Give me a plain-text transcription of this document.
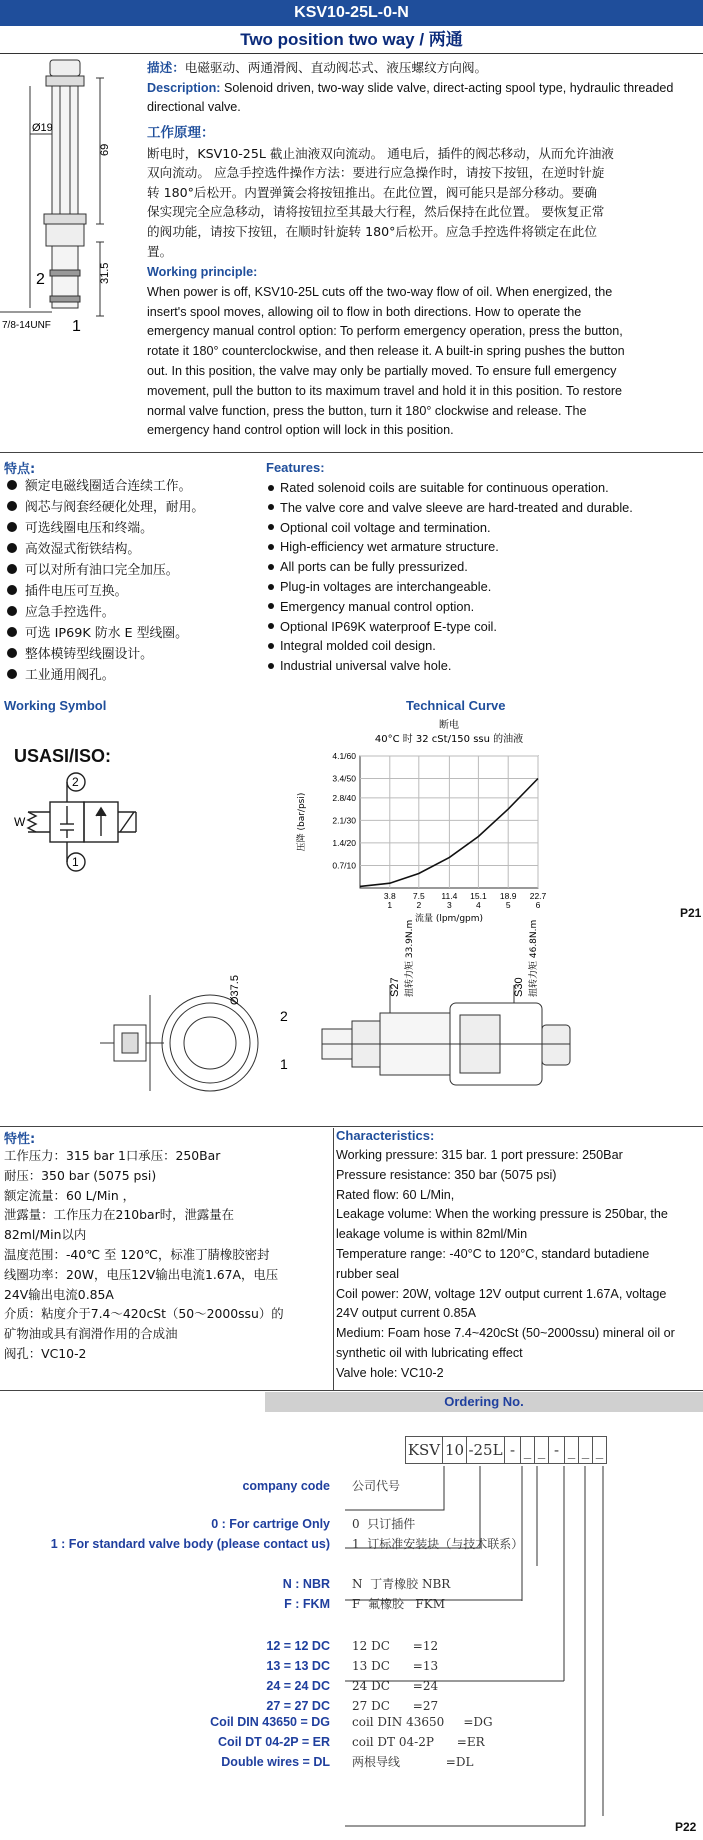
KSV10-25L-0-N
Two position two way / 两通
Ø19
69
31.5
2
1
7/8-14UNF
描述：电磁驱动、两通滑阀、直动阀芯式、液压螺纹方向阀。
Description: Solenoid driven, two-way slide valve, direct-acting spool type, hydraulic threaded directional valve.
工作原理：
断电时，KSV10-25L 截止油液双向流动。 通电后，插件的阀芯移动，从而允许油液
双向流动。 应急手控选件操作方法：要进行应急操作时，请按下按钮，在逆时针旋
转 180°后松开。内置弹簧会将按钮推出。在此位置，阀可能只是部分移动。要确
保实现完全应急移动，请将按钮拉至其最大行程，然后保持在此位置。 要恢复正常
的阀功能，请按下按钮，在顺时针旋转 180°后松开。应急手控选件将锁定在此位
置。
Working principle:
When power is off, KSV10-25L cuts off the two-way flow of oil. When energized, the
insert's spool moves, allowing oil to flow in both directions. How to operate the
emergency manual control option: To perform emergency operation, press the button,
rotate it 180° counterclockwise, and then release it. A built-in spring pushes the button
out. In this position, the valve may only be partially moved. To ensure full emergency
movement, pull the button to its maximum travel and hold it in this position. To restore
normal valve function, press the button, turn it 180° clockwise and release. The
emergency hand control option will lock in this position.
特点:
额定电磁线圈适合连续工作。
阀芯与阀套经硬化处理，耐用。
可选线圈电压和终端。
高效湿式衔铁结构。
可以对所有油口完全加压。
插件电压可互换。
应急手控选件。
可选 IP69K 防水 E 型线圈。
整体模铸型线圈设计。
工业通用阀孔。
Features:
Rated solenoid coils are suitable for continuous operation.
The valve core and valve sleeve are hard-treated and durable.
Optional coil voltage and termination.
High-efficiency wet armature structure.
All ports can be fully pressurized.
Plug-in voltages are interchangeable.
Emergency manual control option.
Optional IP69K waterproof E-type coil.
Integral molded coil design.
Industrial universal valve hole.
Working Symbol
USASI/ISO:
2
1
W
Technical Curve
断电
40°C 时 32 cSt/150 ssu 的油液
0.7/10
1.4/20
2.1/30
2.8/40
3.4/50
4.1/60
3.8
1
7.5
2
11.4
3
15.1
4
18.9
5
22.7
6
流量 (lpm/gpm)
压降 (bar/psi)
P21
2
1
Ø37.5	S27 扭转力矩 33.9N.m	S30 扭转力矩 46.8N.m
特性:
工作压力：315 bar 1口承压：250Bar
耐压：350 bar (5075 psi)
额定流量：60 L/Min ，
泄露量：工作压力在210bar时，泄露量在
82ml/Min以内
温度范围：-40℃ 至 120℃，标准丁腈橡胶密封
线圈功率：20W，电压12V输出电流1.67A，电压
24V输出电流0.85A
介质：粘度介于7.4～420cSt（50～2000ssu）的
矿物油或具有润滑作用的合成油
阀孔：VC10-2
Characteristics:
Working pressure: 315 bar. 1 port pressure: 250Bar
Pressure resistance: 350 bar (5075 psi)
Rated flow: 60 L/Min,
Leakage volume: When the working pressure is 250bar, the
leakage volume is within 82ml/Min
Temperature range: -40°C to 120°C, standard butadiene
rubber seal
Coil power: 20W, voltage 12V output current 1.67A, voltage
24V output current 0.85A
Medium: Foam hose 7.4~420cSt (50~2000ssu) mineral oil or
synthetic oil with lubricating effect
Valve hole: VC10-2
Ordering No.
KSV 10 -25L - _ _ - _ _ _
company code
0 : For cartrige Only
1 : For standard valve body (please contact us)
N : NBR
F : FKM
12 = 12 DC
13 = 13 DC
24 = 24 DC
27 = 27 DC
Coil DIN 43650 = DG
Coil DT 04-2P = ER
Double wires = DL
公司代号
0  只订插件
1  订标准安装块（与技术联系）
N  丁青橡胶 NBR
F  氟橡胶   FKM
12 DC      =12
13 DC      =13
24 DC      =24
27 DC      =27
coil DIN 43650     =DG
coil DT 04-2P      =ER
两根导线            =DL
P22
